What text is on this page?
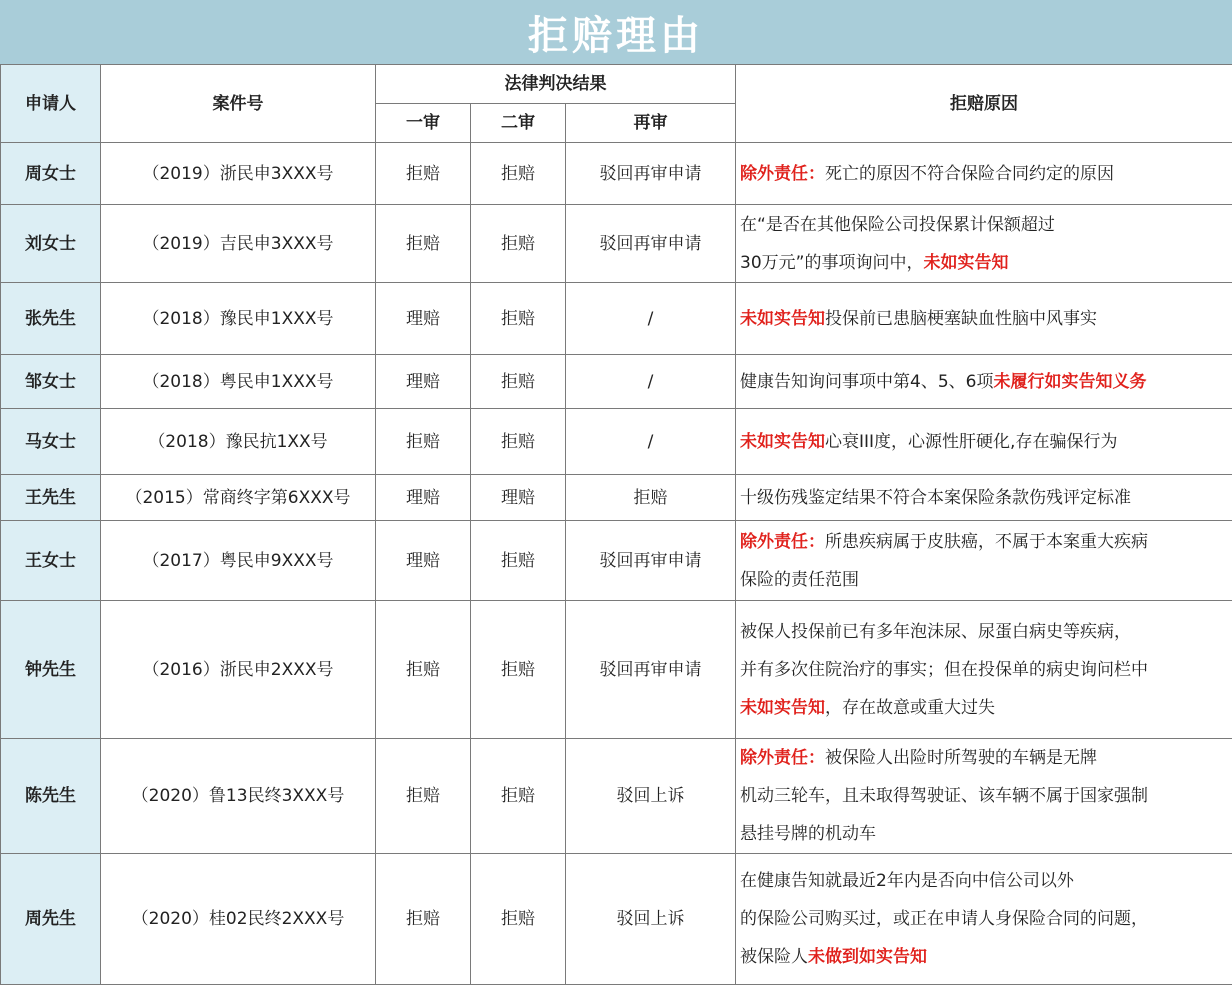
拒赔理由
申请人	案件号	法律判决结果			拒赔原因
		一审	二审	再审	
周女士	（2019）浙民申3XXX号	拒赔	拒赔	驳回再审申请	除外责任：死亡的原因不符合保险合同约定的原因
刘女士	（2019）吉民申3XXX号	拒赔	拒赔	驳回再审申请	在“是否在其他保险公司投保累计保额超过
30万元”的事项询问中，未如实告知
张先生	（2018）豫民申1XXX号	理赔	拒赔	/	未如实告知投保前已患脑梗塞缺血性脑中风事实
邹女士	（2018）粤民申1XXX号	理赔	拒赔	/	健康告知询问事项中第4、5、6项未履行如实告知义务
马女士	（2018）豫民抗1XX号	拒赔	拒赔	/	未如实告知心衰III度，心源性肝硬化,存在骗保行为
王先生	（2015）常商终字第6XXX号	理赔	理赔	拒赔	十级伤残鉴定结果不符合本案保险条款伤残评定标准
王女士	（2017）粤民申9XXX号	理赔	拒赔	驳回再审申请	除外责任：所患疾病属于皮肤癌，不属于本案重大疾病
保险的责任范围
钟先生	（2016）浙民申2XXX号	拒赔	拒赔	驳回再审申请	被保人投保前已有多年泡沫尿、尿蛋白病史等疾病，
并有多次住院治疗的事实；但在投保单的病史询问栏中
未如实告知，存在故意或重大过失
陈先生	（2020）鲁13民终3XXX号	拒赔	拒赔	驳回上诉	除外责任：被保险人出险时所驾驶的车辆是无牌
机动三轮车，且未取得驾驶证、该车辆不属于国家强制
悬挂号牌的机动车
周先生	（2020）桂02民终2XXX号	拒赔	拒赔	驳回上诉	在健康告知就最近2年内是否向中信公司以外
的保险公司购买过，或正在申请人身保险合同的问题，
被保险人未做到如实告知
